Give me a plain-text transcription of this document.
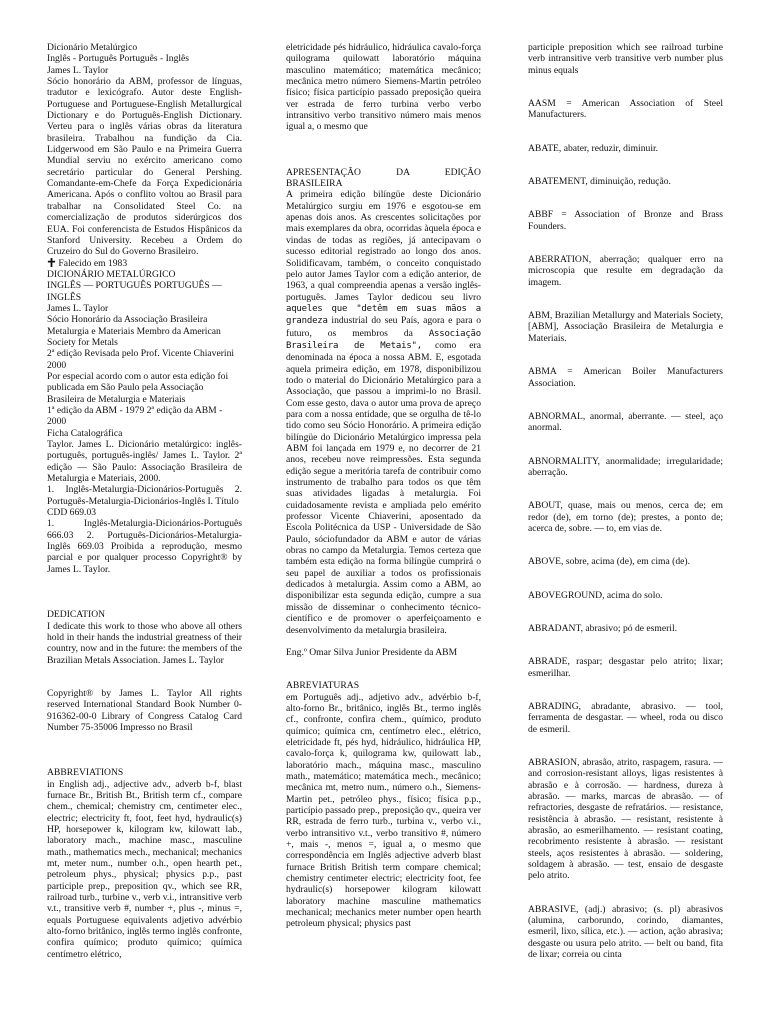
Dicionário Metalúrgico
Inglês - Português Português - Inglês
James L. Taylor

Sócio honorário da ABM, professor de línguas, tradutor e lexicógrafo. Autor deste English-Portuguese and Portuguese-English Metallurgical Dictionary e do Português-English Dictionary. Verteu para o inglês várias obras da literatura brasileira. Trabalhou na fundição da Cia. Lidgerwood em São Paulo e na Primeira Guerra Mundial serviu no exército americano como secretário particular do General Pershing. Comandante-em-Chefe da Força Expedicionária Americana. Após o conflito voltou ao Brasil para trabalhar na Consolidated Steel Co. na comercialização de produtos siderúrgicos dos EUA. Foi conferencista de Estudos Hispânicos da Stanford University. Recebeu a Ordem do Cruzeiro do Sul do Governo Brasileiro.

Falecido em 1983

DICIONÁRIO METALÚRGICO
INGLÊS — PORTUGUÊS PORTUGUÊS — INGLÊS
James L. Taylor

Sócio Honorário da Associação Brasileira Metalurgia e Materiais Membro da American Society for Metals

2ª edição Revisada pelo Prof. Vicente Chiaverini
2000

Por especial acordo com o autor esta edição foi publicada em São Paulo pela Associação Brasileira de Metalurgia e Materiais
1ª edição da ABM - 1979 2ª edição da ABM - 2000
Ficha Catalográfica

Taylor. James L. Dicionário metalúrgico: inglês-português, português-inglês/ James L. Taylor. 2ª edição — São Paulo: Associação Brasileira de Metalurgia e Materiais, 2000.

1. Inglês-Metalurgia-Dicionários-Português 2. Português-Metalurgia-Dicionários-Inglês I. Título

CDD 669.03

1. Inglês-Metalurgia-Dicionários-Português 666.03 2. Português-Dicionários-Metalurgia-Inglês 669.03 Proibida a reprodução, mesmo parcial e por qualquer processo Copyright® by James L. Taylor.

DEDICATION

I dedicate this work to those who above all others hold in their hands the industrial greatness of their country, now and in the future: the members of the Brazilian Metals Association. James L. Taylor

Copyright® by James L. Taylor All rights reserved International Standard Book Number 0-916362-00-0 Library of Congress Catalog Card Number 75-35006 Impresso no Brasil

ABBREVIATIONS

in English adj., adjective adv., adverb b-f, blast furnace Br., British Bt., British term cf., compare chem., chemical; chemistry cm, centimeter elec., electric; electricity ft, foot, feet hyd, hydraulic(s) HP, horsepower k, kilogram kw, kilowatt lab., laboratory mach., machine masc., masculine math., mathematics mech., mechanical; mechanics mt, meter num., number o.h., open hearth pet., petroleum phys., physical; physics p.p., past participle prep., preposition qv., which see RR, railroad turb., turbine v., verb v.i., intransitive verb v.t., transitive verb #, number +, plus -, minus =, equals Portuguese equivalents adjetivo advérbio alto-forno britânico, inglês termo inglês confronte, confira químico; produto químico; química centímetro elétrico,

eletricidade pés hidráulico, hidráulica cavalo-força quilograma quilowatt laboratório máquina masculino matemático; matemática mecânico; mecânica metro número Siemens-Martin petróleo físico; física particípio passado preposição queira ver estrada de ferro turbina verbo verbo intransitivo verbo transitivo número mais menos igual a, o mesmo que

APRESENTAÇÃO DA EDIÇÃO
BRASILEIRA

A primeira edição bilíngüe deste Dicionário Metalúrgico surgiu em 1976 e esgotou-se em apenas dois anos. As crescentes solicitações por mais exemplares da obra, ocorridas àquela época e vindas de todas as regiões, já antecipavam o sucesso editorial registrado ao longo dos anos. Solidificavam, também, o conceito conquistado pelo autor James Taylor com a edição anterior, de 1963, a qual compreendia apenas a versão inglês-português. James Taylor dedicou seu livro aqueles que "detêm em suas mãos a grandeza industrial do seu País, agora e para o futuro, os membros da Associação Brasileira de Metais", como era denominada na época a nossa ABM. E, esgotada aquela primeira edição, em 1978, disponibilizou todo o material do Dicionário Metalúrgico para a Associação, que passou a imprimi-lo no Brasil. Com esse gesto, dava o autor uma prova de apreço para com a nossa entidade, que se orgulha de tê-lo tido como seu Sócio Honorário. A primeira edição bilíngüe do Dicionário Metalúrgico impressa pela ABM foi lançada em 1979 e, no decorrer de 21 anos, recebeu nove reimpressões. Esta segunda edição segue a meritória tarefa de contribuir como instrumento de trabalho para todos os que têm suas atividades ligadas à metalurgia. Foi cuidadosamente revista e ampliada pelo emérito professor Vicente Chiaverini, aposentado da Escola Politécnica da USP - Universidade de São Paulo, sóciofundador da ABM e autor de várias obras no campo da Metalurgia. Temos certeza que também esta edição na forma bilíngüe cumprirá o seu papel de auxiliar a todos os profissionais dedicados à metalurgia. Assim como a ABM, ao disponibilizar esta segunda edição, cumpre a sua missão de disseminar o conhecimento técnico-científico e de promover o aperfeiçoamento e desenvolvimento da metalurgia brasileira.

Eng.º Omar Silva Junior Presidente da ABM

ABREVIATURAS

em Português adj., adjetivo adv., advérbio b-f, alto-forno Br., britânico, inglês Bt., termo inglês cf., confronte, confira chem., químico, produto químico; química cm, centímetro elec., elétrico, eletricidade ft, pés hyd, hidráulico, hidráulica HP, cavalo-força k, quilograma kw, quilowatt lab., laboratório mach., máquina masc., masculino math., matemático; matemática mech., mecânico; mecânica mt, metro num., número o.h., Siemens-Martin pet., petróleo phys., físico; física p.p., particípio passado prep., preposição qv., queira ver RR, estrada de ferro turb., turbina v., verbo v.i., verbo intransitivo v.t., verbo transitivo #, número +, mais -, menos =, igual a, o mesmo que correspondência em Inglês adjective adverb blast furnace British British term compare chemical; chemistry centimeter electric; electricity foot, fee hydraulic(s) horsepower kilogram kilowatt laboratory machine masculine mathematics mechanical; mechanics meter number open hearth petroleum physical; physics past

participle preposition which see railroad turbine verb intransitive verb transitive verb number plus minus equals

AASM = American Association of Steel Manufacturers.

ABATE, abater, reduzir, diminuir.

ABATEMENT, diminuição, redução.

ABBF = Association of Bronze and Brass Founders.

ABERRATION, aberração; qualquer erro na microscopia que resulte em degradação da imagem.

ABM, Brazilian Metallurgy and Materials Society, [ABM], Associação Brasileira de Metalurgia e Materiais.

ABMA = American Boiler Manufacturers Association.

ABNORMAL, anormal, aberrante. — steel, aço anormal.

ABNORMALITY, anormalidade; irregularidade; aberração.

ABOUT, quase, mais ou menos, cerca de; em redor (de), em torno (de); prestes, a ponto de; acerca de, sobre. — to, em vias de.

ABOVE, sobre, acima (de), em cima (de).

ABOVEGROUND, acima do solo.

ABRADANT, abrasivo; pó de esmeril.

ABRADE, raspar; desgastar pelo atrito; lixar; esmerilhar.

ABRADING, abradante, abrasivo. — tool, ferramenta de desgastar. — wheel, roda ou disco de esmeril.

ABRASION, abrasão, atrito, raspagem, rasura. — and corrosion-resistant alloys, ligas resistentes à abrasão e à corrosão. — hardness, dureza à abrasão. — marks, marcas de abrasão. — of refractories, desgaste de refratários. — resistance, resistência à abrasão. — resistant, resistente à abrasão, ao esmerilhamento. — resistant coating, recobrimento resistente à abrasão. — resistant steels, aços resistentes à abrasão. — soldering, soldagem à abrasão. — test, ensaio de desgaste pelo atrito.

ABRASIVE, (adj.) abrasivo; (s. pl) abrasivos (alumina, carborundo, corindo, diamantes, esmeril, lixo, sílica, etc.). — action, ação abrasiva; desgaste ou usura pelo atrito. — belt ou band, fita de lixar; correia ou cinta
